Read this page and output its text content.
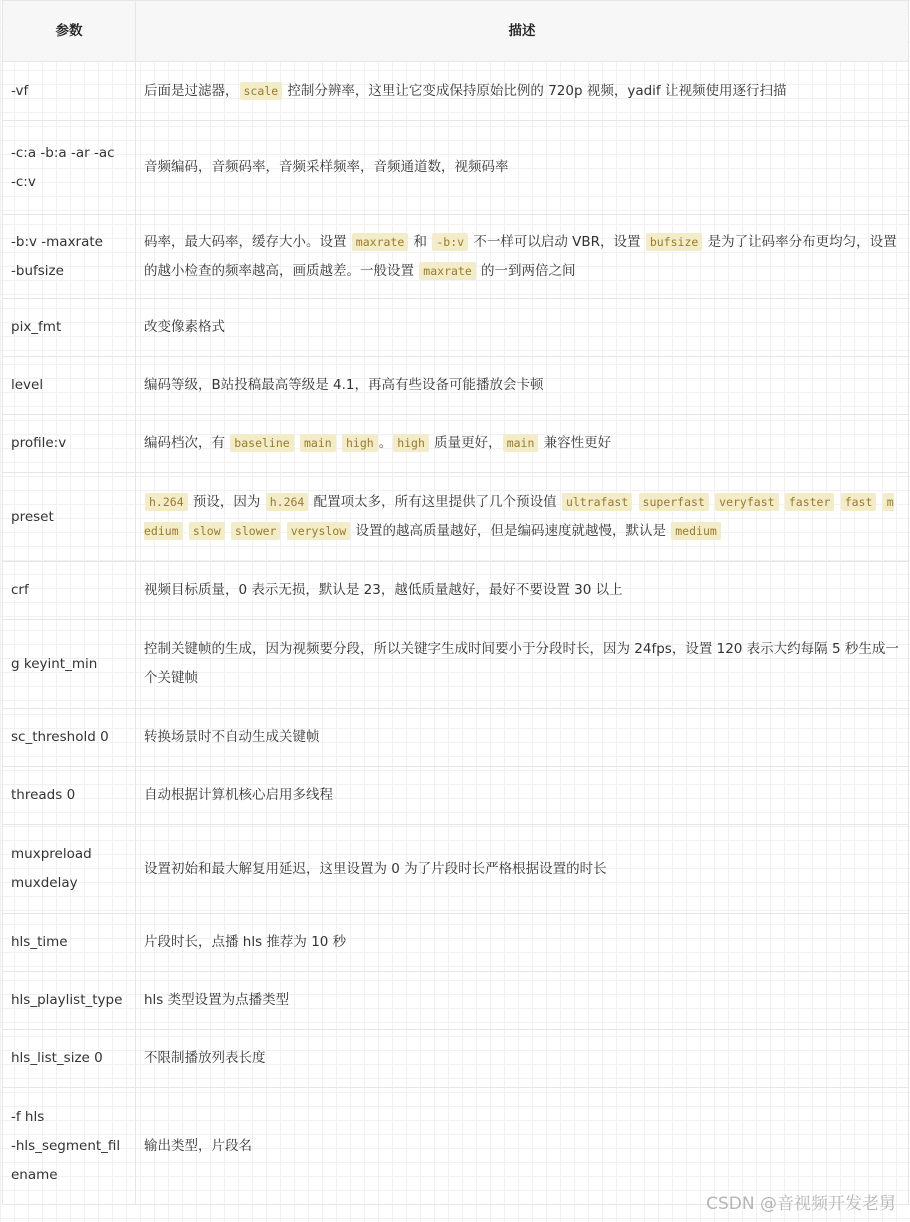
参数	描述
-vf	后面是过滤器， scale 控制分辨率，这里让它变成保持原始比例的 720p 视频，yadif 让视频使用逐行扫描
-c:a -b:a -ar -ac
-c:v	音频编码，音频码率，音频采样频率，音频通道数，视频码率
-b:v -maxrate
-bufsize	码率，最大码率，缓存大小。设置 maxrate 和 -b:v 不一样可以启动 VBR，设置 bufsize 是为了让码率分布更均匀，设置的越小检查的频率越高，画质越差。一般设置 maxrate 的一到两倍之间
pix_fmt	改变像素格式
level	编码等级，B站投稿最高等级是 4.1，再高有些设备可能播放会卡顿
profile:v	编码档次，有 baseline main high 。 high 质量更好， main 兼容性更好
preset	h.264 预设，因为 h.264 配置项太多，所有这里提供了几个预设值 ultrafast superfast veryfast faster fast medium slow slower veryslow 设置的越高质量越好，但是编码速度就越慢，默认是 medium
crf	视频目标质量，0 表示无损，默认是 23，越低质量越好，最好不要设置 30 以上
g keyint_min	控制关键帧的生成，因为视频要分段，所以关键字生成时间要小于分段时长，因为 24fps，设置 120 表示大约每隔 5 秒生成一个关键帧
sc_threshold 0	转换场景时不自动生成关键帧
threads 0	自动根据计算机核心启用多线程
muxpreload
muxdelay	设置初始和最大解复用延迟，这里设置为 0 为了片段时长严格根据设置的时长
hls_time	片段时长，点播 hls 推荐为 10 秒
hls_playlist_type	hls 类型设置为点播类型
hls_list_size 0	不限制播放列表长度
-f hls
-hls_segment_fil
ename	输出类型，片段名
CSDN @音视频开发老舅
